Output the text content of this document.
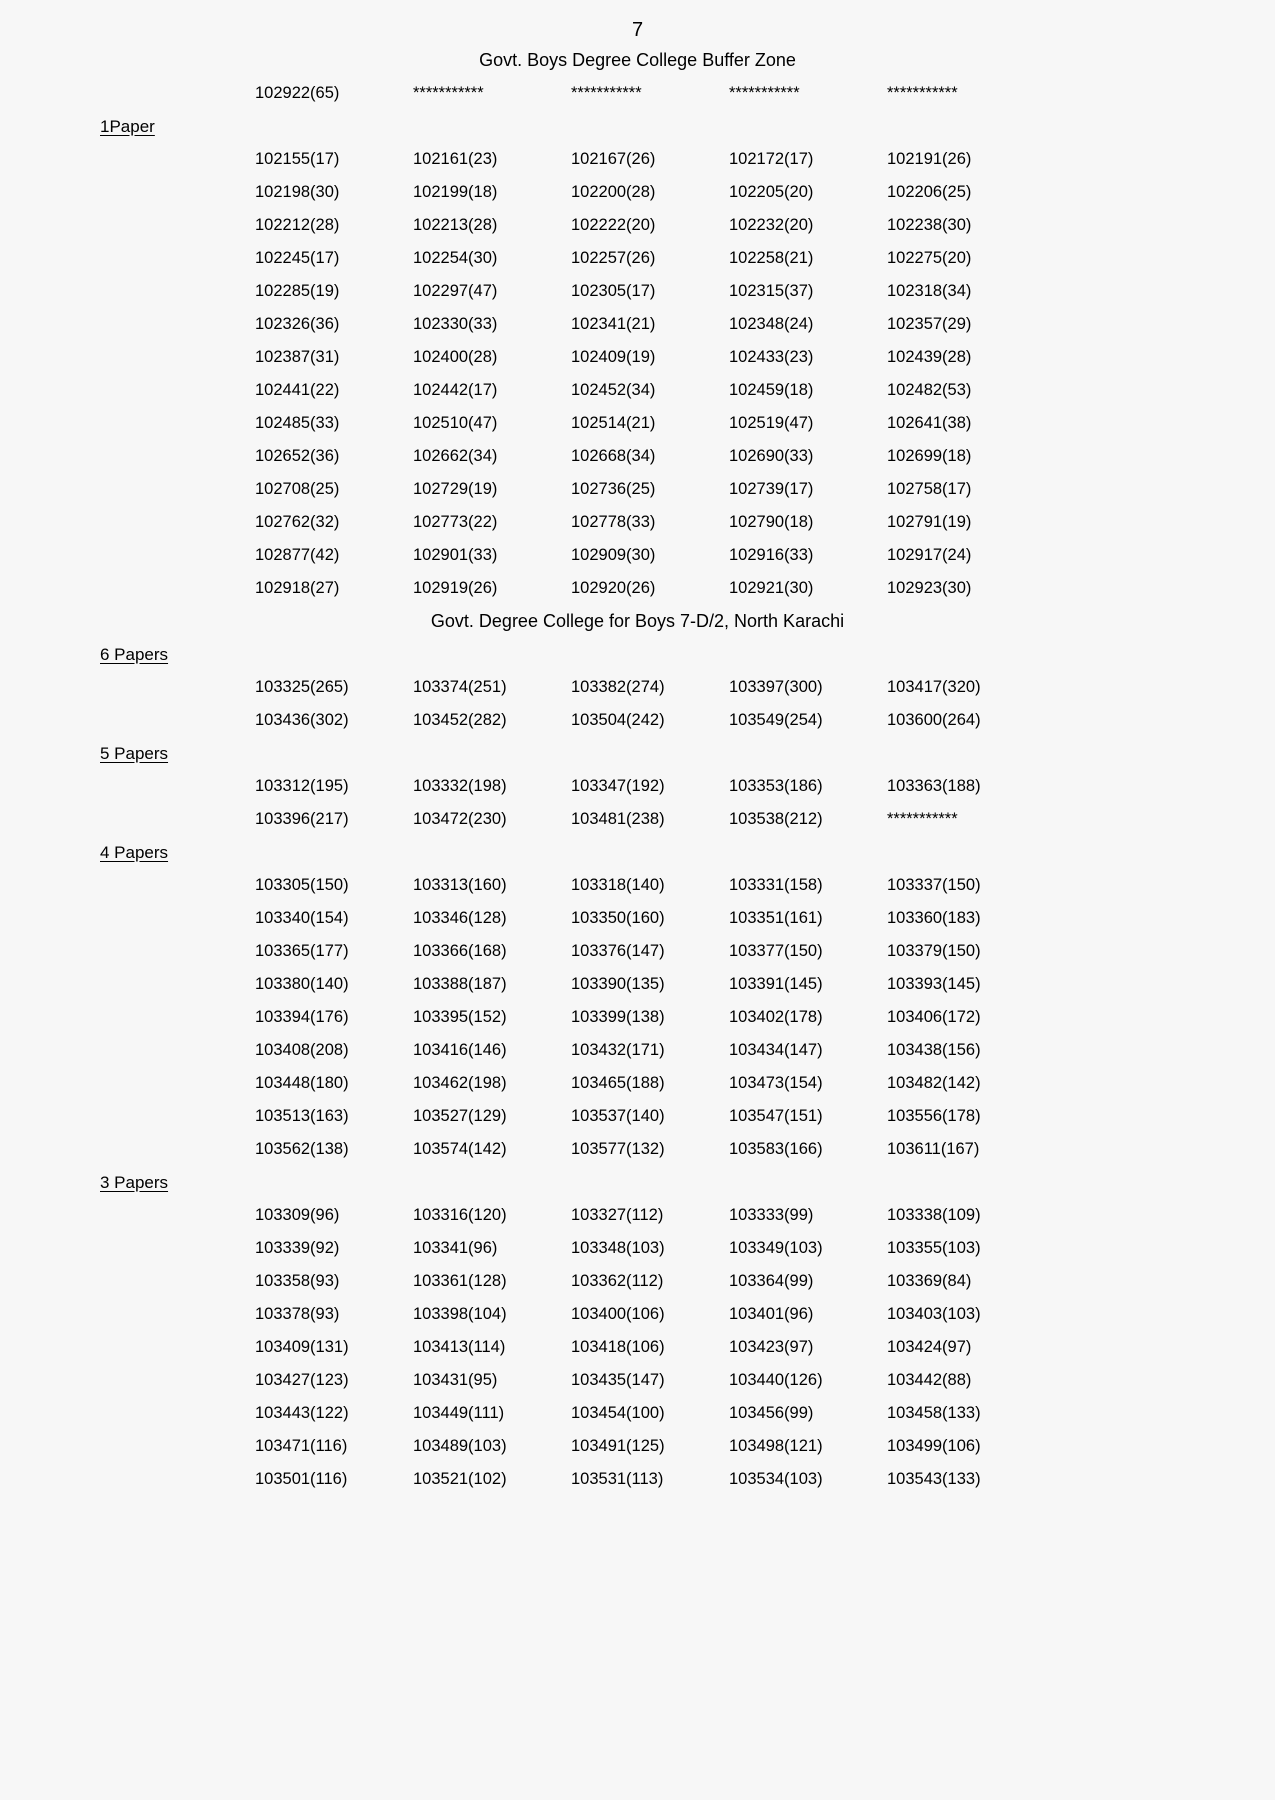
7
Govt. Boys Degree College Buffer Zone
102922(65)	***********	***********	***********	***********
1Paper
102155(17)	102161(23)	102167(26)	102172(17)	102191(26)
102198(30)	102199(18)	102200(28)	102205(20)	102206(25)
102212(28)	102213(28)	102222(20)	102232(20)	102238(30)
102245(17)	102254(30)	102257(26)	102258(21)	102275(20)
102285(19)	102297(47)	102305(17)	102315(37)	102318(34)
102326(36)	102330(33)	102341(21)	102348(24)	102357(29)
102387(31)	102400(28)	102409(19)	102433(23)	102439(28)
102441(22)	102442(17)	102452(34)	102459(18)	102482(53)
102485(33)	102510(47)	102514(21)	102519(47)	102641(38)
102652(36)	102662(34)	102668(34)	102690(33)	102699(18)
102708(25)	102729(19)	102736(25)	102739(17)	102758(17)
102762(32)	102773(22)	102778(33)	102790(18)	102791(19)
102877(42)	102901(33)	102909(30)	102916(33)	102917(24)
102918(27)	102919(26)	102920(26)	102921(30)	102923(30)
Govt. Degree College for Boys 7-D/2, North Karachi
6 Papers
103325(265)	103374(251)	103382(274)	103397(300)	103417(320)
103436(302)	103452(282)	103504(242)	103549(254)	103600(264)
5 Papers
103312(195)	103332(198)	103347(192)	103353(186)	103363(188)
103396(217)	103472(230)	103481(238)	103538(212)	***********
4 Papers
103305(150)	103313(160)	103318(140)	103331(158)	103337(150)
103340(154)	103346(128)	103350(160)	103351(161)	103360(183)
103365(177)	103366(168)	103376(147)	103377(150)	103379(150)
103380(140)	103388(187)	103390(135)	103391(145)	103393(145)
103394(176)	103395(152)	103399(138)	103402(178)	103406(172)
103408(208)	103416(146)	103432(171)	103434(147)	103438(156)
103448(180)	103462(198)	103465(188)	103473(154)	103482(142)
103513(163)	103527(129)	103537(140)	103547(151)	103556(178)
103562(138)	103574(142)	103577(132)	103583(166)	103611(167)
3 Papers
103309(96)	103316(120)	103327(112)	103333(99)	103338(109)
103339(92)	103341(96)	103348(103)	103349(103)	103355(103)
103358(93)	103361(128)	103362(112)	103364(99)	103369(84)
103378(93)	103398(104)	103400(106)	103401(96)	103403(103)
103409(131)	103413(114)	103418(106)	103423(97)	103424(97)
103427(123)	103431(95)	103435(147)	103440(126)	103442(88)
103443(122)	103449(111)	103454(100)	103456(99)	103458(133)
103471(116)	103489(103)	103491(125)	103498(121)	103499(106)
103501(116)	103521(102)	103531(113)	103534(103)	103543(133)
